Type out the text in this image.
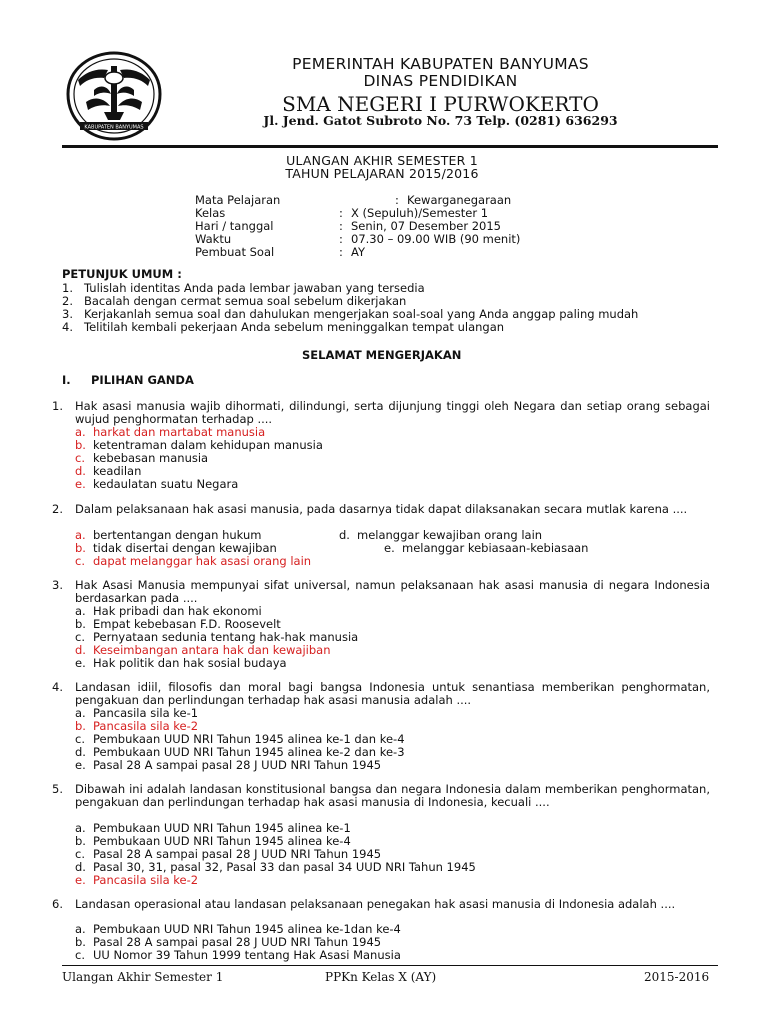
KABUPATEN BANYUMAS
PEMERINTAH KABUPATEN BANYUMAS
DINAS PENDIDIKAN
SMA NEGERI I PURWOKERTO
Jl. Jend. Gatot Subroto No. 73 Telp. (0281) 636293
ULANGAN AKHIR SEMESTER 1
TAHUN PELAJARAN 2015/2016
Mata Pelajaran	: Kewarganegaraan
Kelas	: X (Sepuluh)/Semester 1
Hari / tanggal	: Senin, 07 Desember 2015
Waktu	: 07.30 – 09.00 WIB (90 menit)
Pembuat Soal	: AY
PETUNJUK UMUM :
1. Tulislah identitas Anda pada lembar jawaban yang tersedia
2. Bacalah dengan cermat semua soal sebelum dikerjakan
3. Kerjakanlah semua soal dan dahulukan mengerjakan soal-soal yang Anda anggap paling mudah
4. Telitilah kembali pekerjaan Anda sebelum meninggalkan tempat ulangan
SELAMAT MENGERJAKAN
I. PILIHAN GANDA
1. Hak asasi manusia wajib dihormati, dilindungi, serta dijunjung tinggi oleh Negara dan setiap orang sebagai wujud penghormatan terhadap ....
a. harkat dan martabat manusia
b. ketentraman dalam kehidupan manusia
c. kebebasan manusia
d. keadilan
e. kedaulatan suatu Negara
2. Dalam pelaksanaan hak asasi manusia, pada dasarnya tidak dapat dilaksanakan secara mutlak karena ....
a. bertentangan dengan hukum	d. melanggar kewajiban orang lain
b. tidak disertai dengan kewajiban	e. melanggar kebiasaan-kebiasaan
c. dapat melanggar hak asasi orang lain
3. Hak Asasi Manusia mempunyai sifat universal, namun pelaksanaan hak asasi manusia di negara Indonesia berdasarkan pada ....
a. Hak pribadi dan hak ekonomi
b. Empat kebebasan F.D. Roosevelt
c. Pernyataan sedunia tentang hak-hak manusia
d. Keseimbangan antara hak dan kewajiban
e. Hak politik dan hak sosial budaya
4. Landasan idiil, filosofis dan moral bagi bangsa Indonesia untuk senantiasa memberikan penghormatan, pengakuan dan perlindungan terhadap hak asasi manusia adalah ....
a. Pancasila sila ke-1
b. Pancasila sila ke-2
c. Pembukaan UUD NRI Tahun 1945 alinea ke-1 dan ke-4
d. Pembukaan UUD NRI Tahun 1945 alinea ke-2 dan ke-3
e. Pasal 28 A sampai pasal 28 J UUD NRI Tahun 1945
5. Dibawah ini adalah landasan konstitusional bangsa dan negara Indonesia dalam memberikan penghormatan, pengakuan dan perlindungan terhadap hak asasi manusia di Indonesia, kecuali ....
a. Pembukaan UUD NRI Tahun 1945 alinea ke-1
b. Pembukaan UUD NRI Tahun 1945 alinea ke-4
c. Pasal 28 A sampai pasal 28 J UUD NRI Tahun 1945
d. Pasal 30, 31, pasal 32, Pasal 33 dan pasal 34 UUD NRI Tahun 1945
e. Pancasila sila ke-2
6. Landasan operasional atau landasan pelaksanaan penegakan hak asasi manusia di Indonesia adalah ....
a. Pembukaan UUD NRI Tahun 1945 alinea ke-1dan ke-4
b. Pasal 28 A sampai pasal 28 J UUD NRI Tahun 1945
c. UU Nomor 39 Tahun 1999 tentang Hak Asasi Manusia
Ulangan Akhir Semester 1	PPKn Kelas X (AY)	2015-2016
